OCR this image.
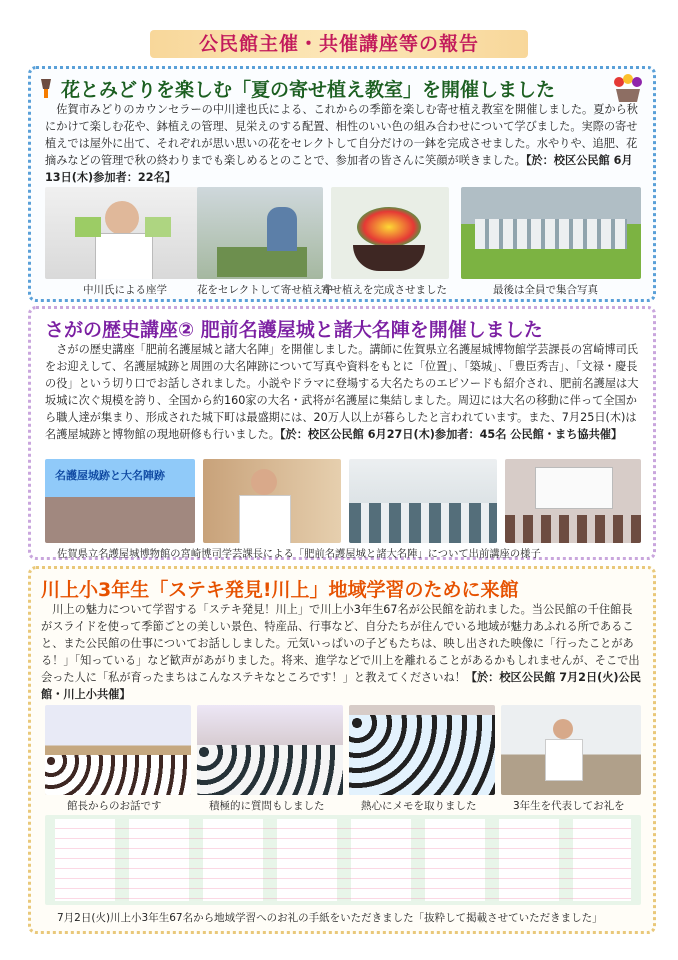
公民館主催・共催講座等の報告
花とみどりを楽しむ「夏の寄せ植え教室」を開催しました
佐賀市みどりのカウンセラーの中川達也氏による、これからの季節を楽しむ寄せ植え教室を開催しました。夏から秋にかけて楽しむ花や、鉢植えの管理、見栄えのする配置、相性のいい色の組み合わせについて学びました。実際の寄せ植えでは屋外に出て、それぞれが思い思いの花をセレクトして自分だけの一鉢を完成させました。水やりや、追肥、花摘みなどの管理で秋の終わりまでも楽しめるとのことで、参加者の皆さんに笑顔が咲きました。【於：校区公民館 6月13日(木)参加者：22名】
中川氏による座学	花をセレクトして寄せ植え中
寄せ植えを完成させました	最後は全員で集合写真
さがの歴史講座② 肥前名護屋城と諸大名陣を開催しました
さがの歴史講座「肥前名護屋城と諸大名陣」を開催しました。講師に佐賀県立名護屋城博物館学芸課長の宮崎博司氏をお迎えして、名護屋城跡と周囲の大名陣跡について写真や資料をもとに「位置」、「築城」、「豊臣秀吉」、「文禄・慶長の役」という切り口でお話しされました。小説やドラマに登場する大名たちのエピソードも紹介され、肥前名護屋は大坂城に次ぐ規模を誇り、全国から約160家の大名・武将が名護屋に集結しました。周辺には大名の移動に伴って全国から職人達が集まり、形成された城下町は最盛期には、20万人以上が暮らしたと言われています。また、7月25日(木)は名護屋城跡と博物館の現地研修も行いました。【於：校区公民館 6月27日(木)参加者：45名 公民館・まち協共催】
名護屋城跡と大名陣跡
佐賀県立名護屋城博物館の宮崎博司学芸課長による「肥前名護屋城と諸大名陣」について出前講座の様子
川上小3年生「ステキ発見!川上」地域学習のために来館
川上の魅力について学習する「ステキ発見！川上」で川上小3年生67名が公民館を訪れました。当公民館の千住館長がスライドを使って季節ごとの美しい景色、特産品、行事など、自分たちが住んでいる地域が魅力あふれる所であること、また公民館の仕事についてお話ししました。元気いっぱいの子どもたちは、映し出された映像に「行ったことがある！」「知っている」など歓声があがりました。将来、進学などで川上を離れることがあるかもしれませんが、そこで出会った人に「私が育ったまちはこんなステキなところです！」と教えてくださいね！【於：校区公民館 7月2日(火)公民館・川上小共催】
館長からのお話です	積極的に質問もしました	熱心にメモを取りました	3年生を代表してお礼を
7月2日(火)川上小3年生67名から地域学習へのお礼の手紙をいただきました「抜粋して掲載させていただきました」
